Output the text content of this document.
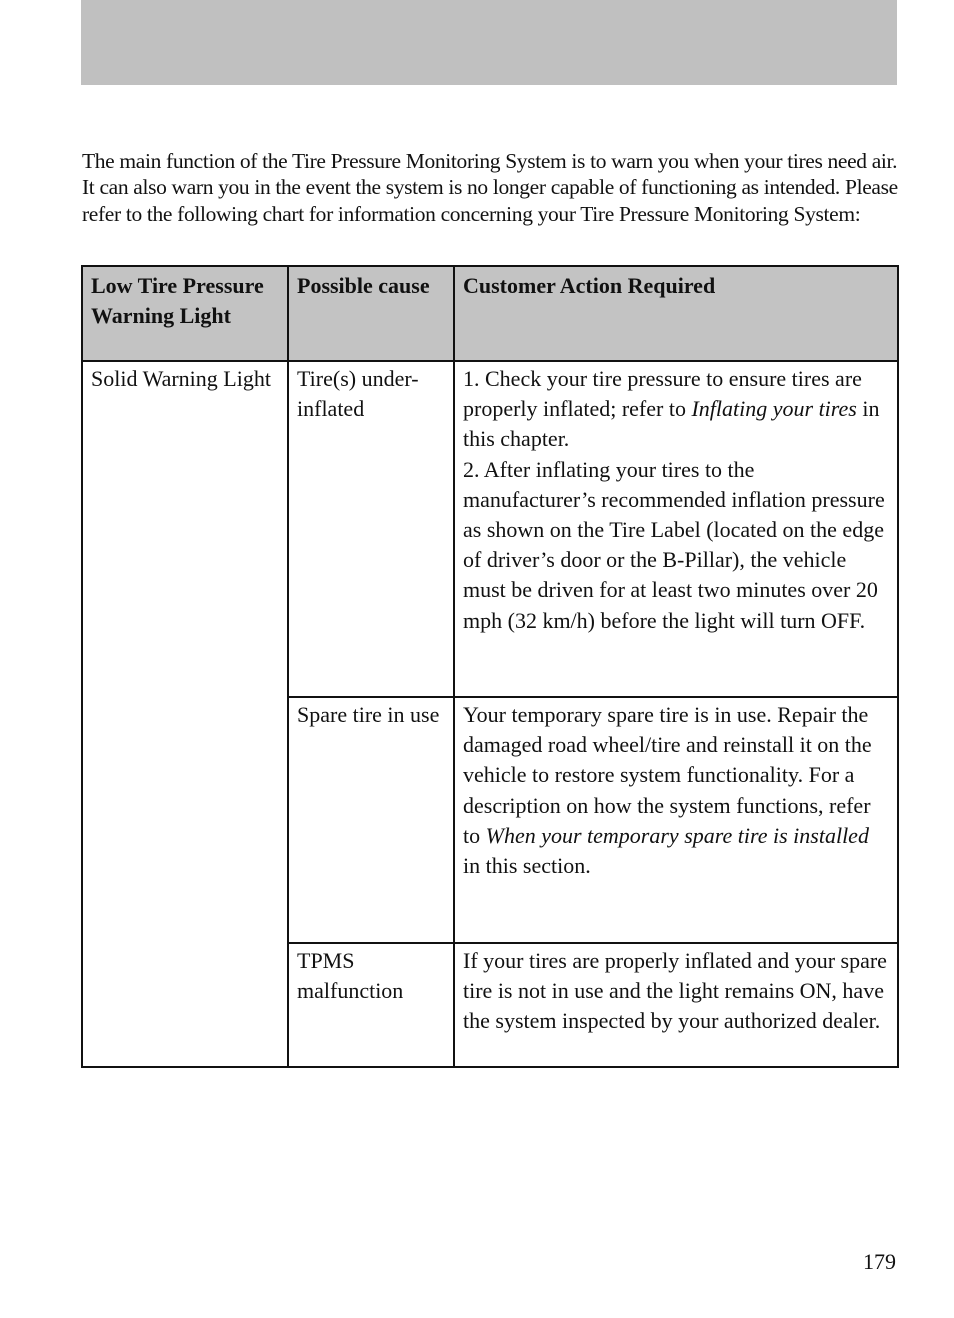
The main function of the Tire Pressure Monitoring System is to warn you when your tires need air. It can also warn you in the event the system is no longer capable of functioning as intended. Please refer to the following chart for information concerning your Tire Pressure Monitoring System:

Low Tire Pressure Warning Light	Possible cause	Customer Action Required
Solid Warning Light	Tire(s) under-inflated	1. Check your tire pressure to ensure tires are properly inflated; refer to Inflating your tires in this chapter.
2. After inflating your tires to the manufacturer’s recommended inflation pressure as shown on the Tire Label (located on the edge of driver’s door or the B-Pillar), the vehicle must be driven for at least two minutes over 20 mph (32 km/h) before the light will turn OFF.
	Spare tire in use	Your temporary spare tire is in use. Repair the damaged road wheel/tire and reinstall it on the vehicle to restore system functionality. For a description on how the system functions, refer to When your temporary spare tire is installed in this section.
	TPMS malfunction	If your tires are properly inflated and your spare tire is not in use and the light remains ON, have the system inspected by your authorized dealer.
179
